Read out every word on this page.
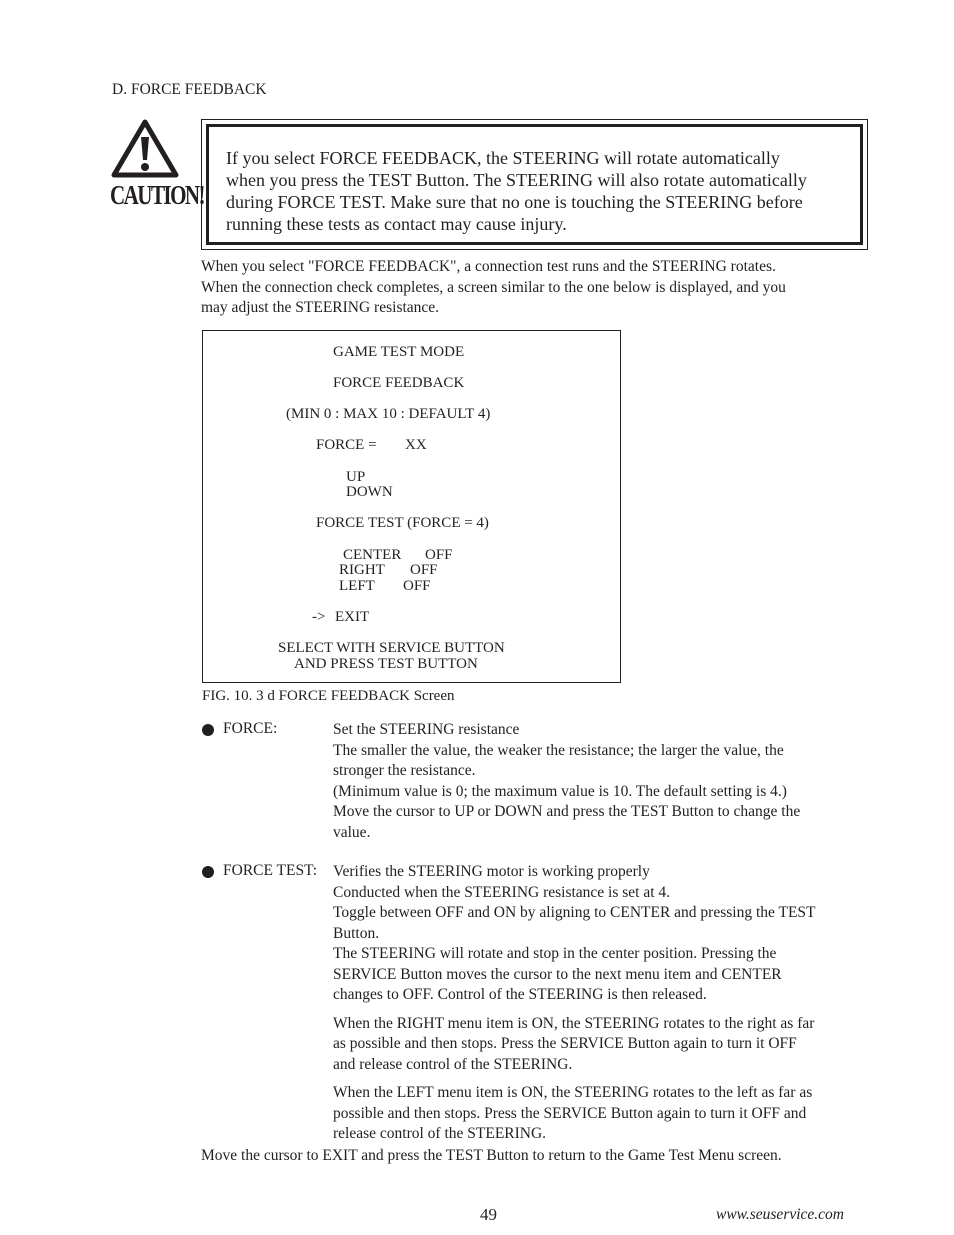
D. FORCE FEEDBACK
CAUTION!
If you select FORCE FEEDBACK, the STEERING will rotate automatically
when you press the TEST Button. The STEERING will also rotate automatically
during FORCE TEST. Make sure that no one is touching the STEERING before
running these tests as contact may cause injury.
When you select "FORCE FEEDBACK", a connection test runs and the STEERING rotates.
When the connection check completes, a screen similar to the one below is displayed, and you
may adjust the STEERING resistance.
GAME TEST MODE
FORCE FEEDBACK
(MIN 0 : MAX 10 : DEFAULT 4)
FORCE = XX
UP
DOWN
FORCE TEST (FORCE = 4)
CENTER OFF
RIGHT OFF
LEFT OFF
-> EXIT
SELECT WITH SERVICE BUTTON
AND PRESS TEST BUTTON
FIG. 10. 3 d FORCE FEEDBACK Screen
FORCE:	Set the STEERING resistance

The smaller the value, the weaker the resistance; the larger the value, the

stronger the resistance.

(Minimum value is 0; the maximum value is 10. The default setting is 4.)

Move the cursor to UP or DOWN and press the TEST Button to change the

value.

FORCE TEST: Verifies the STEERING motor is working properly

Conducted when the STEERING resistance is set at 4.

Toggle between OFF and ON by aligning to CENTER and pressing the TEST

Button.

The STEERING will rotate and stop in the center position. Pressing the

SERVICE Button moves the cursor to the next menu item and CENTER

changes to OFF. Control of the STEERING is then released.

When the RIGHT menu item is ON, the STEERING rotates to the right as far

as possible and then stops. Press the SERVICE Button again to turn it OFF

and release control of the STEERING.

When the LEFT menu item is ON, the STEERING rotates to the left as far as

possible and then stops. Press the SERVICE Button again to turn it OFF and

release control of the STEERING.

Move the cursor to EXIT and press the TEST Button to return to the Game Test Menu screen.
49	www.seuservice.com
